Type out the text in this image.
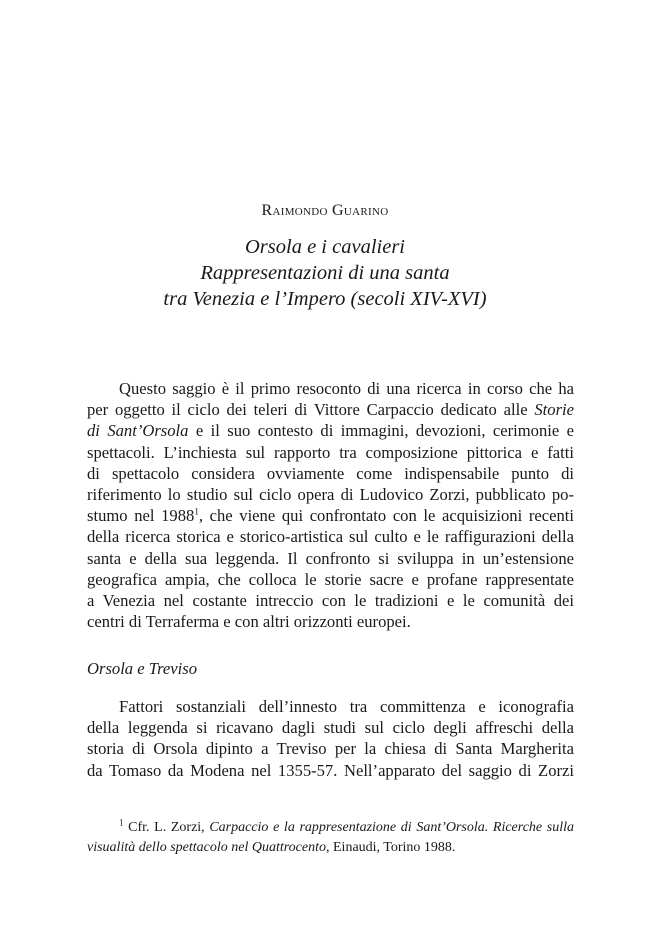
Raimondo Guarino
Orsola e i cavalieri
Rappresentazioni di una santa
tra Venezia e l’Impero (secoli XIV-XVI)
Questo saggio è il primo resoconto di una ricerca in corso che ha
per oggetto il ciclo dei teleri di Vittore Carpaccio dedicato alle Storie
di Sant’Orsola e il suo contesto di immagini, devozioni, cerimonie e
spettacoli. L’inchiesta sul rapporto tra composizione pittorica e fatti
di spettacolo considera ovviamente come indispensabile punto di
riferimento lo studio sul ciclo opera di Ludovico Zorzi, pubblicato po-
stumo nel 1988$^1$, che viene qui confrontato con le acquisizioni recenti
della ricerca storica e storico-artistica sul culto e le raffigurazioni della
santa e della sua leggenda. Il confronto si sviluppa in un’estensione
geografica ampia, che colloca le storie sacre e profane rappresentate
a Venezia nel costante intreccio con le tradizioni e le comunità dei
centri di Terraferma e con altri orizzonti europei.
Orsola e Treviso
Fattori sostanziali dell’innesto tra committenza e iconografia
della leggenda si ricavano dagli studi sul ciclo degli affreschi della
storia di Orsola dipinto a Treviso per la chiesa di Santa Margherita
da Tomaso da Modena nel 1355-57. Nell’apparato del saggio di Zorzi
$^1$ Cfr. L. Zorzi, Carpaccio e la rappresentazione di Sant’Orsola. Ricerche sulla
visualità dello spettacolo nel Quattrocento, Einaudi, Torino 1988.
